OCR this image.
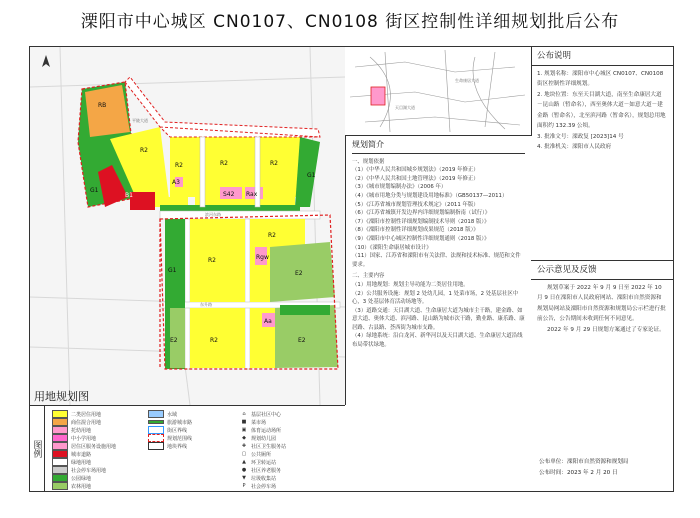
溧阳市中心城区 CN0107、CN0108 街区控制性详细规划批后公布
RB
G1
R2
R2	R2	R2
A3
B1	S42 Rax
G1
R2
R2
Rgw
E2
E2	R2
Aa
E2
G1
平陵大道
滨河东路
东升路
用地规划图
图例
二类居住用地
商住混合用地
托幼用地
中小学用地
居住区服务设施用地
城市道路
绿地用地
社会停车场用地
公园绿地
农林用地
水域
旅游城市路
街区界线
规划范围线
地块界线
⌂	基层社区中心
■ 菜市场
▣ 体育运动场所
◆	规划幼儿园
✚ 社区卫生服务站
▢ 公共厕所
▲	环卫转运站
● 社区养老服务
▼	垃圾收集站
P	社会停车场
天目湖大道
生命康居大道
规划简介
一、规划依据
（1）《中华人民共和国城乡规划法》（2019 年修正）
（2）《中华人民共和国土地管理法》（2019 年修正）
（3）《城市规划编制办法》（2006 年）
（4）《城市用地分类与规划建设用地标准》（GB50137—2011）
（5）《江苏省城市规划管理技术规定》（2011 年版）
（6）《江苏省城镇开发边界内详细规划编制指南（试行）》
（7）《溧阳市控制性详细规划编制技术导则（2018 版）》
（8）《溧阳市控制性详细规划成果规范（2018 版）》
（9）《溧阳市中心城区控制性详细规划通则（2018 版）》
（10）《溧阳生命康居城市设计》
（11）国家、江苏省和溧阳市有关法律、法规和技术标准、规范和文件要求。
二、主要内容
（1）用地规划：规划主导功能为二类居住用地。
（2）公共服务设施：规划 2 处幼儿园，1 处菜市场，2 处基层社区中心，3 处基层体育活动场地等。
（3）道路交通：天目湖大道、生命康居大道为城市主干路，建金路、如意大道、奥体大道、滨河路、昆山路为城市次干路，勤业路、康乐路、康居路、古县路、荟西街为城市支路。
（4）绿地系统：沿白龙河、新华河以及天目湖大道、生命康居大道沿线布局带状绿地。
公布说明
1. 规划名称：溧阳市中心城区 CN0107、CN0108 街区控制性详细规划。
2. 地块位置：东至天目湖大道，南至生命康居大道－昆山路（暂命名），西至奥体大道－如意大道－建金路（暂命名），北至滨河路（暂命名），规划总用地面积约 132.39 公顷。
3. 批准文号：溧政复 [2023]14 号
4. 批准机关：溧阳市人民政府
公示意见及反馈
规划草案于 2022 年 9 月 9 日至 2022 年 10 月 9 日在溧阳市人民政府网站、溧阳市自然资源和规划局网站及溧阳市自然资源和规划局公示栏进行批前公告，公告期间未收到任何不同意见。
2022 年 9 月 29 日规划方案通过了专家论证。
公布单位：溧阳市自然资源和规划局
公布时间：2023 年 2 月 20 日
